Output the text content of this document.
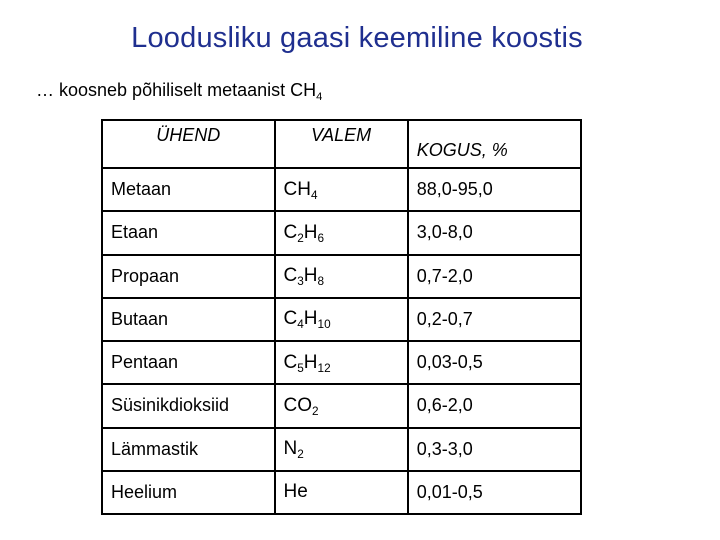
Loodusliku gaasi keemiline koostis
… koosneb põhiliselt metaanist $CH_4$
ÜHEND	VALEM	KOGUS, %
Metaan	$CH_4$	88,0-95,0
Etaan	$C_2H_6$	3,0-8,0
Propaan	$C_3H_8$	0,7-2,0
Butaan	$C_4H_{10}$	0,2-0,7
Pentaan	$C_5H_{12}$	0,03-0,5
Süsinikdioksiid	$CO_2$	0,6-2,0
Lämmastik	$N_2$	0,3-3,0
Heelium	He	0,01-0,5
